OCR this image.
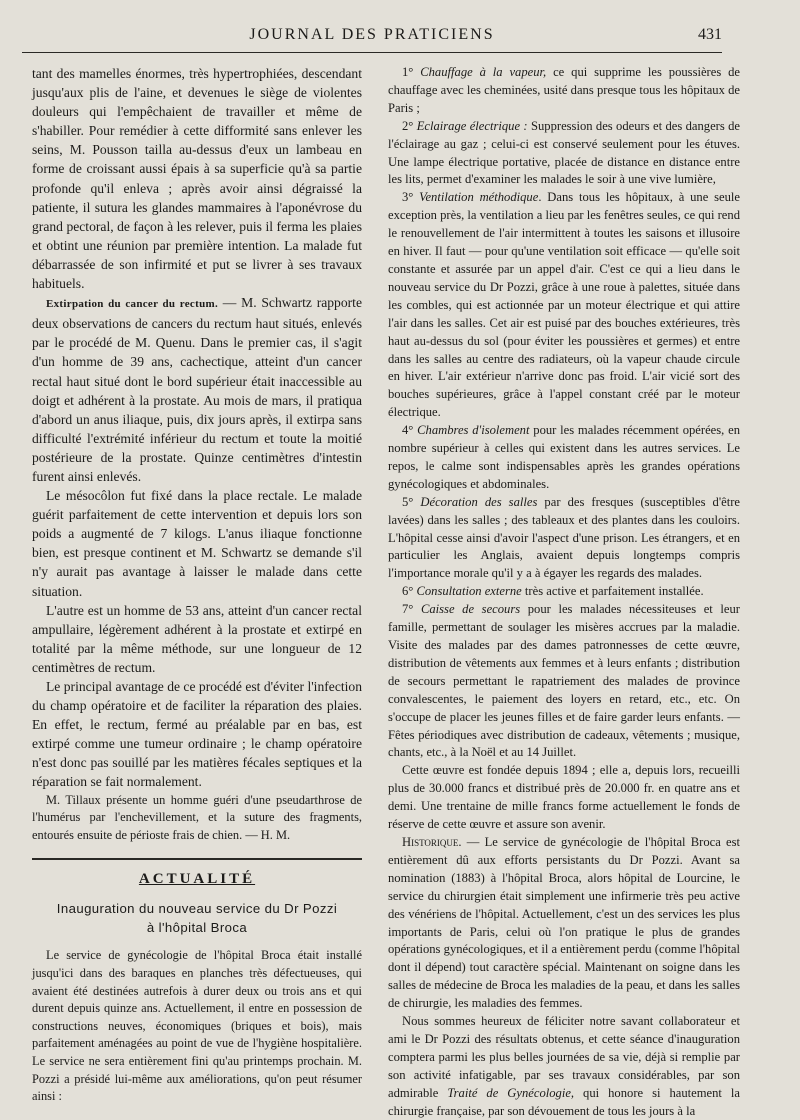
JOURNAL DES PRATICIENS	431

tant des mamelles énormes, très hypertrophiées, descendant jusqu'aux plis de l'aine, et devenues le siège de violentes douleurs qui l'empêchaient de travailler et même de s'habiller. Pour remédier à cette difformité sans enlever les seins, M. Pousson tailla au-dessus d'eux un lambeau en forme de croissant aussi épais à sa superficie qu'à sa partie profonde qu'il enleva ; après avoir ainsi dégraissé la patiente, il sutura les glandes mammaires à l'aponévrose du grand pectoral, de façon à les relever, puis il ferma les plaies et obtint une réunion par première intention. La malade fut débarrassée de son infirmité et put se livrer à ses travaux habituels.

Extirpation du cancer du rectum. — M. Schwartz rapporte deux observations de cancers du rectum haut situés, enlevés par le procédé de M. Quenu. Dans le premier cas, il s'agit d'un homme de 39 ans, cachectique, atteint d'un cancer rectal haut situé dont le bord supérieur était inaccessible au doigt et adhérent à la prostate. Au mois de mars, il pratiqua d'abord un anus iliaque, puis, dix jours après, il extirpa sans difficulté l'extrémité inférieur du rectum et toute la moitié postérieure de la prostate. Quinze centimètres d'intestin furent ainsi enlevés.

Le mésocôlon fut fixé dans la place rectale. Le malade guérit parfaitement de cette intervention et depuis lors son poids a augmenté de 7 kilogs. L'anus iliaque fonctionne bien, est presque continent et M. Schwartz se demande s'il n'y aurait pas avantage à laisser le malade dans cette situation.

L'autre est un homme de 53 ans, atteint d'un cancer rectal ampullaire, légèrement adhérent à la prostate et extirpé en totalité par la même méthode, sur une longueur de 12 centimètres de rectum.

Le principal avantage de ce procédé est d'éviter l'infection du champ opératoire et de faciliter la réparation des plaies. En effet, le rectum, fermé au préalable par en bas, est extirpé comme une tumeur ordinaire ; le champ opératoire n'est donc pas souillé par les matières fécales septiques et la réparation se fait normalement.

M. Tillaux présente un homme guéri d'une pseudarthrose de l'humérus par l'enchevillement, et la suture des fragments, entourés ensuite de périoste frais de chien. — H. M.

ACTUALITÉ
Inauguration du nouveau service du Dr Pozzi
à l'hôpital Broca

Le service de gynécologie de l'hôpital Broca était installé jusqu'ici dans des baraques en planches très défectueuses, qui avaient été destinées autrefois à durer deux ou trois ans et qui durent depuis quinze ans. Actuellement, il entre en possession de constructions neuves, économiques (briques et bois), mais parfaitement aménagées au point de vue de l'hygiène hospitalière. Le service ne sera entièrement fini qu'au printemps prochain. M. Pozzi a présidé lui-même aux améliorations, qu'on peut résumer ainsi :

1° Chauffage à la vapeur, ce qui supprime les poussières de chauffage avec les cheminées, usité dans presque tous les hôpitaux de Paris ;

2° Eclairage électrique : Suppression des odeurs et des dangers de l'éclairage au gaz ; celui-ci est conservé seulement pour les étuves. Une lampe électrique portative, placée de distance en distance entre les lits, permet d'examiner les malades le soir à une vive lumière,

3° Ventilation méthodique. Dans tous les hôpitaux, à une seule exception près, la ventilation a lieu par les fenêtres seules, ce qui rend le renouvellement de l'air intermittent à toutes les saisons et illusoire en hiver. Il faut — pour qu'une ventilation soit efficace — qu'elle soit constante et assurée par un appel d'air. C'est ce qui a lieu dans le nouveau service du Dr Pozzi, grâce à une roue à palettes, située dans les combles, qui est actionnée par un moteur électrique et qui attire l'air dans les salles. Cet air est puisé par des bouches extérieures, très haut au-dessus du sol (pour éviter les poussières et germes) et entre dans les salles au centre des radiateurs, où la vapeur chaude circule en hiver. L'air extérieur n'arrive donc pas froid. L'air vicié sort des bouches supérieures, grâce à l'appel constant créé par le moteur électrique.

4° Chambres d'isolement pour les malades récemment opérées, en nombre supérieur à celles qui existent dans les autres services. Le repos, le calme sont indispensables après les grandes opérations gynécologiques et abdominales.

5° Décoration des salles par des fresques (susceptibles d'être lavées) dans les salles ; des tableaux et des plantes dans les couloirs. L'hôpital cesse ainsi d'avoir l'aspect d'une prison. Les étrangers, et en particulier les Anglais, avaient depuis longtemps compris l'importance morale qu'il y a à égayer les regards des malades.

6° Consultation externe très active et parfaitement installée.

7° Caisse de secours pour les malades nécessiteuses et leur famille, permettant de soulager les misères accrues par la maladie. Visite des malades par des dames patronnesses de cette œuvre, distribution de vêtements aux femmes et à leurs enfants ; distribution de secours permettant le rapatriement des malades de province convalescentes, le paiement des loyers en retard, etc., etc. On s'occupe de placer les jeunes filles et de faire garder leurs enfants. — Fêtes périodiques avec distribution de cadeaux, vêtements ; musique, chants, etc., à la Noël et au 14 Juillet.

Cette œuvre est fondée depuis 1894 ; elle a, depuis lors, recueilli plus de 30.000 francs et distribué près de 20.000 fr. en quatre ans et demi. Une trentaine de mille francs forme actuellement le fonds de réserve de cette œuvre et assure son avenir.

Historique. — Le service de gynécologie de l'hôpital Broca est entièrement dû aux efforts persistants du Dr Pozzi. Avant sa nomination (1883) à l'hôpital Broca, alors hôpital de Lourcine, le service du chirurgien était simplement une infirmerie très peu active des vénériens de l'hôpital. Actuellement, c'est un des services les plus importants de Paris, celui où l'on pratique le plus de grandes opérations gynécologiques, et il a entièrement perdu (comme l'hôpital dont il dépend) tout caractère spécial. Maintenant on soigne dans les salles de médecine de Broca les maladies de la peau, et dans les salles de chirurgie, les maladies des femmes.

Nous sommes heureux de féliciter notre savant collaborateur et ami le Dr Pozzi des résultats obtenus, et cette séance d'inauguration comptera parmi les plus belles journées de sa vie, déjà si remplie par son activité infatigable, par ses travaux considérables, par son admirable Traité de Gynécologie, qui honore si hautement la chirurgie française, par son dévouement de tous les jours à la
